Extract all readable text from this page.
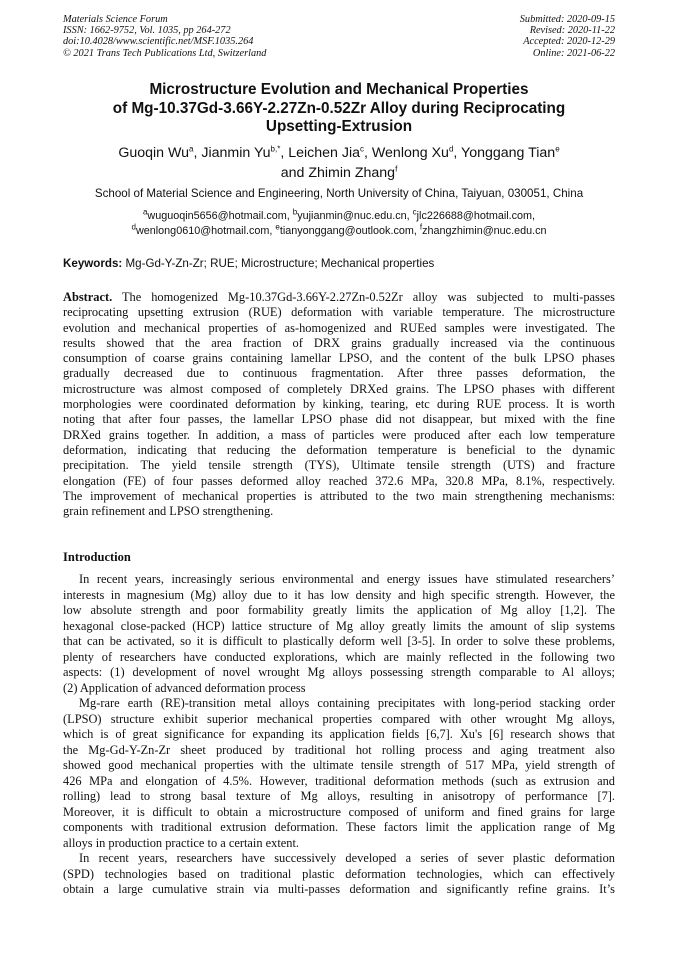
Materials Science Forum
ISSN: 1662-9752, Vol. 1035, pp 264-272
doi:10.4028/www.scientific.net/MSF.1035.264
© 2021 Trans Tech Publications Ltd, Switzerland
Submitted: 2020-09-15
Revised: 2020-11-22
Accepted: 2020-12-29
Online: 2021-06-22
Microstructure Evolution and Mechanical Properties
of Mg-10.37Gd-3.66Y-2.27Zn-0.52Zr Alloy during Reciprocating
Upsetting-Extrusion
Guoqin Wu$^a$, Jianmin $Yu^{b,*}$, Leichen Jia$^c$, Wenlong Xu$^d$, Yonggang Tian$^e$
and Zhimin Zhang$^f$
School of Material Science and Engineering, North University of China, Taiyuan, 030051, China
$^a$wuguoqin5656@hotmail.com, $^b$yujianmin@nuc.edu.cn, $^c$jlc226688@hotmail.com,
$^d$wenlong0610@hotmail.com, $^e$tianyonggang@outlook.com, $^f$zhangzhimin@nuc.edu.cn
Keywords: Mg-Gd-Y-Zn-Zr; RUE; Microstructure; Mechanical properties
Abstract. The homogenized Mg-10.37Gd-3.66Y-2.27Zn-0.52Zr alloy was subjected to multi-passes
reciprocating upsetting extrusion (RUE) deformation with variable temperature. The microstructure
evolution and mechanical properties of as-homogenized and RUEed samples were investigated. The
results showed that the area fraction of DRX grains gradually increased via the continuous
consumption of coarse grains containing lamellar LPSO, and the content of the bulk LPSO phases
gradually decreased due to continuous fragmentation. After three passes deformation, the
microstructure was almost composed of completely DRXed grains. The LPSO phases with different
morphologies were coordinated deformation by kinking, tearing, etc during RUE process. It is worth
noting that after four passes, the lamellar LPSO phase did not disappear, but mixed with the fine
DRXed grains together. In addition, a mass of particles were produced after each low temperature
deformation, indicating that reducing the deformation temperature is beneficial to the dynamic
precipitation. The yield tensile strength (TYS), Ultimate tensile strength (UTS) and fracture
elongation (FE) of four passes deformed alloy reached 372.6 MPa, 320.8 MPa, 8.1%, respectively.
The improvement of mechanical properties is attributed to the two main strengthening mechanisms:
grain refinement and LPSO strengthening.
Introduction
In recent years, increasingly serious environmental and energy issues have stimulated researchers’
interests in magnesium (Mg) alloy due to it has low density and high specific strength. However, the
low absolute strength and poor formability greatly limits the application of Mg alloy [1,2]. The
hexagonal close-packed (HCP) lattice structure of Mg alloy greatly limits the amount of slip systems
that can be activated, so it is difficult to plastically deform well [3-5]. In order to solve these problems,
plenty of researchers have conducted explorations, which are mainly reflected in the following two
aspects: (1) development of novel wrought Mg alloys possessing strength comparable to Al alloys;
(2) Application of advanced deformation process
Mg-rare earth (RE)-transition metal alloys containing precipitates with long-period stacking order
(LPSO) structure exhibit superior mechanical properties compared with other wrought Mg alloys,
which is of great significance for expanding its application fields [6,7]. Xu's [6] research shows that
the Mg-Gd-Y-Zn-Zr sheet produced by traditional hot rolling process and aging treatment also
showed good mechanical properties with the ultimate tensile strength of 517 MPa, yield strength of
426 MPa and elongation of 4.5%. However, traditional deformation methods (such as extrusion and
rolling) lead to strong basal texture of Mg alloys, resulting in anisotropy of performance [7].
Moreover, it is difficult to obtain a microstructure composed of uniform and fined grains for large
components with traditional extrusion deformation. These factors limit the application range of Mg
alloys in production practice to a certain extent.
In recent years, researchers have successively developed a series of sever plastic deformation
(SPD) technologies based on traditional plastic deformation technologies, which can effectively
obtain a large cumulative strain via multi-passes deformation and significantly refine grains. It’s
